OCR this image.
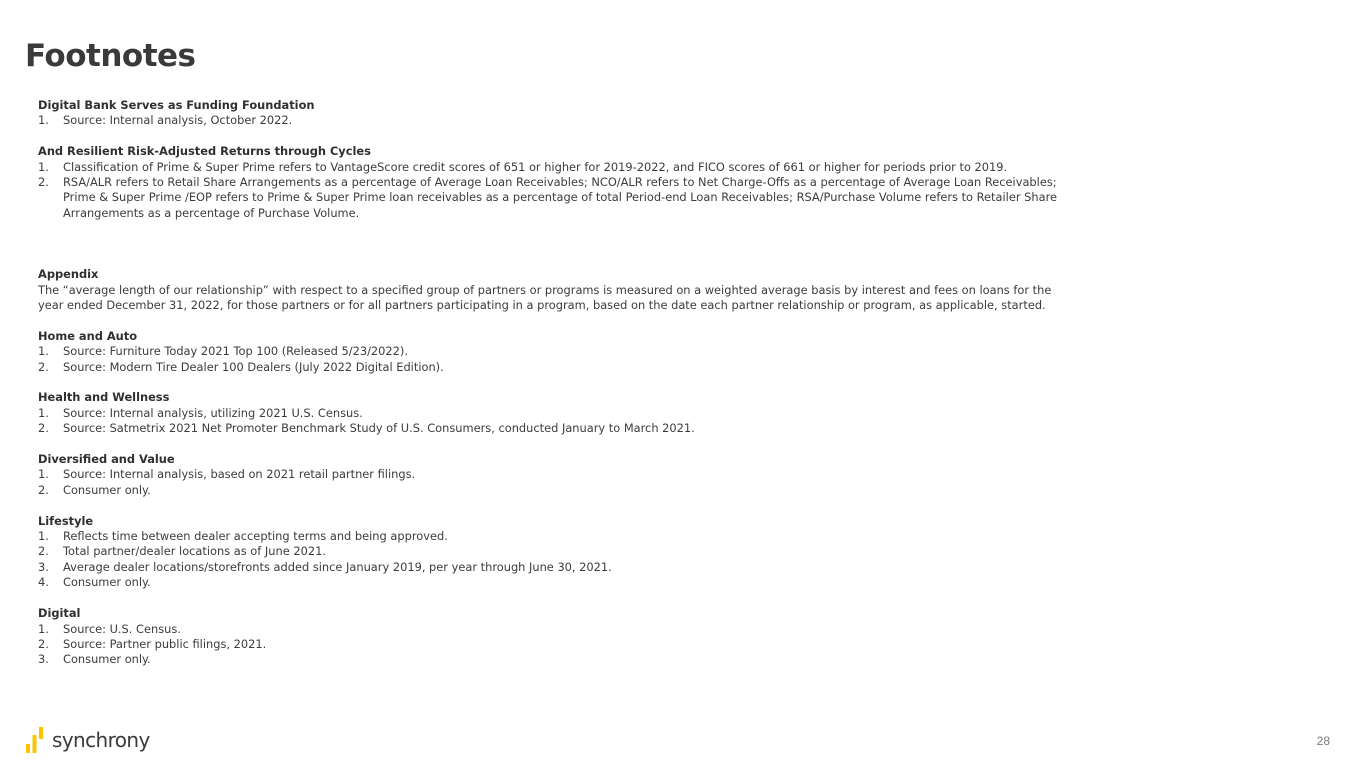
Footnotes
Digital Bank Serves as Funding Foundation
1.	Source: Internal analysis, October 2022.
And Resilient Risk-Adjusted Returns through Cycles
1.	Classification of Prime & Super Prime refers to VantageScore credit scores of 651 or higher for 2019-2022, and FICO scores of 661 or higher for periods prior to 2019.
2.	RSA/ALR refers to Retail Share Arrangements as a percentage of Average Loan Receivables; NCO/ALR refers to Net Charge-Offs as a percentage of Average Loan Receivables; Prime & Super Prime /EOP refers to Prime & Super Prime loan receivables as a percentage of total Period-end Loan Receivables; RSA/Purchase Volume refers to Retailer Share Arrangements as a percentage of Purchase Volume.
Appendix

The “average length of our relationship” with respect to a specified group of partners or programs is measured on a weighted average basis by interest and fees on loans for the year ended December 31, 2022, for those partners or for all partners participating in a program, based on the date each partner relationship or program, as applicable, started.

Home and Auto
1.	Source: Furniture Today 2021 Top 100 (Released 5/23/2022).
2.	Source: Modern Tire Dealer 100 Dealers (July 2022 Digital Edition).
Health and Wellness
1.	Source: Internal analysis, utilizing 2021 U.S. Census.
2.	Source: Satmetrix 2021 Net Promoter Benchmark Study of U.S. Consumers, conducted January to March 2021.
Diversified and Value
1.	Source: Internal analysis, based on 2021 retail partner filings.
2.	Consumer only.
Lifestyle
1.	Reflects time between dealer accepting terms and being approved.
2.	Total partner/dealer locations as of June 2021.
3.	Average dealer locations/storefronts added since January 2019, per year through June 30, 2021.
4.	Consumer only.
Digital
1.	Source: U.S. Census.
2.	Source: Partner public filings, 2021.
3.	Consumer only.
synchrony	28
